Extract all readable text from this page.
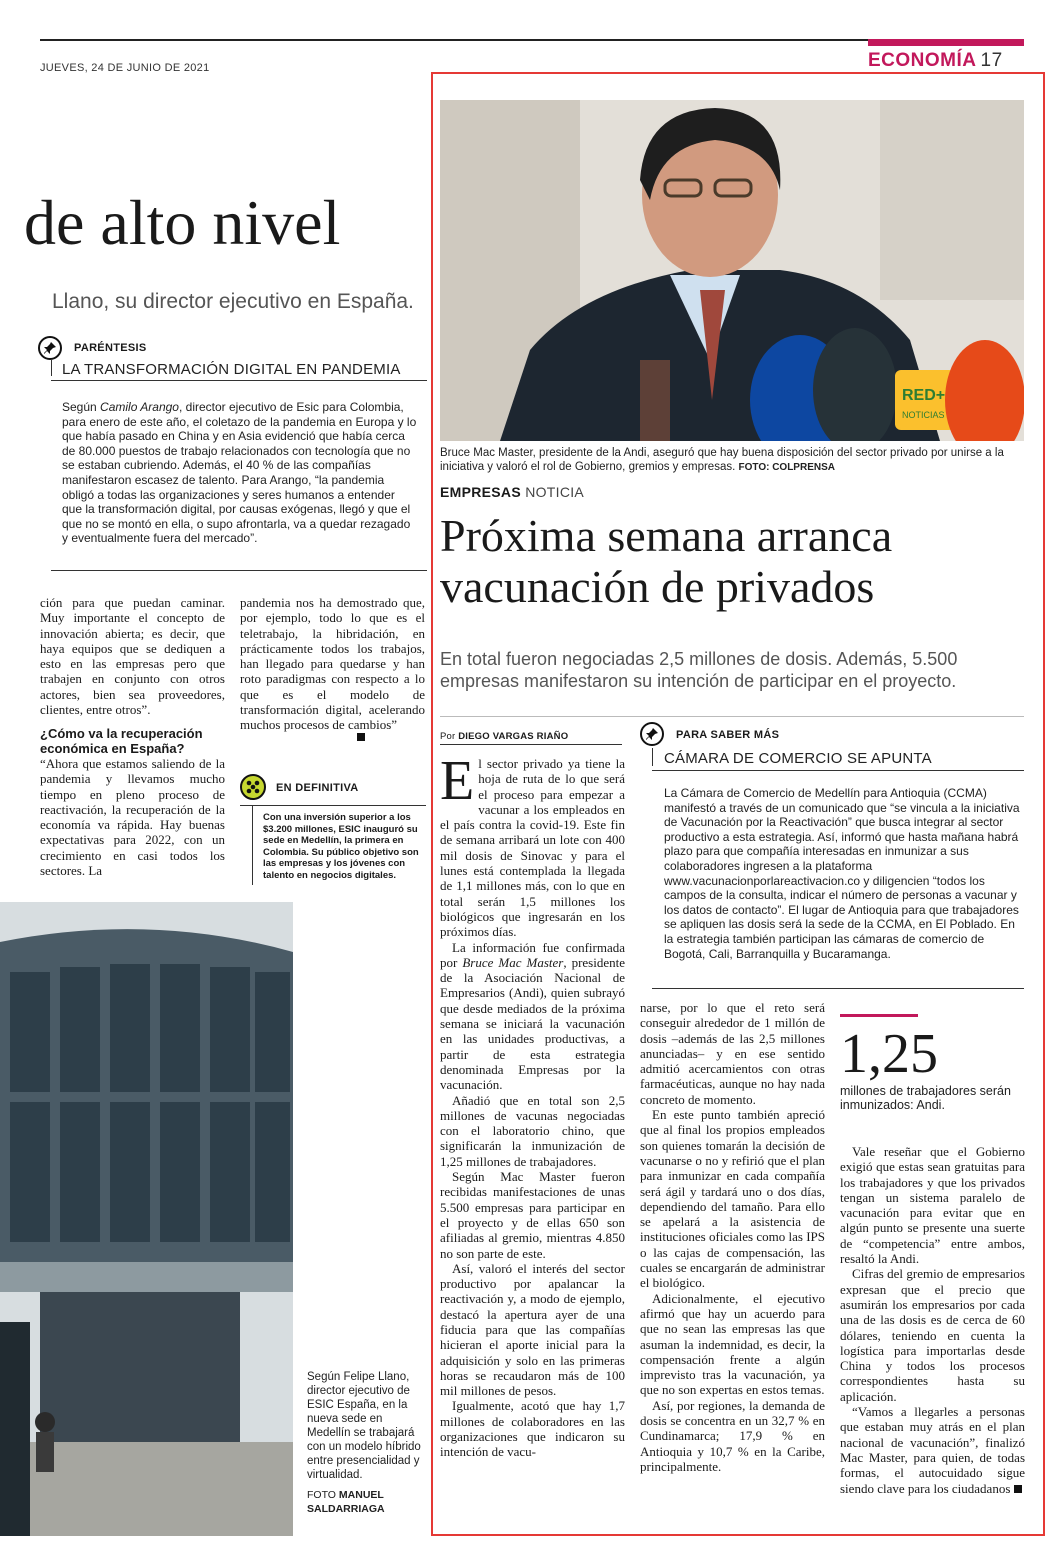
JUEVES, 24 DE JUNIO DE 2021	ECONOMÍA 17
de alto nivel
Llano, su director ejecutivo en España.
PARÉNTESIS
LA TRANSFORMACIÓN DIGITAL EN PANDEMIA
Según Camilo Arango, director ejecutivo de Esic para Colombia, para enero de este año, el coletazo de la pandemia en Europa y lo que había pasado en China y en Asia evidenció que había cerca de 80.000 puestos de trabajo relacionados con tecnología que no se estaban cubriendo. Además, el 40 % de las compañías manifestaron escasez de talento. Para Arango, “la pandemia obligó a todas las organizaciones y seres humanos a entender que la transformación digital, por causas exógenas, llegó y que el que no se montó en ella, o supo afrontarla, va a quedar rezagado y eventualmente fuera del mercado”.
ción para que puedan caminar. Muy importante el concepto de innovación abierta; es decir, que haya equipos que se dediquen a esto en las empresas pero que trabajen en conjunto con otros actores, bien sea proveedores, clientes, entre otros”.
¿Cómo va la recuperación económica en España?
“Ahora que estamos saliendo de la pandemia y llevamos mucho tiempo en pleno proceso de reactivación, la recuperación de la economía va rápida. Hay buenas expectativas para 2022, con un crecimiento en casi todos los sectores. La
pandemia nos ha demostrado que, por ejemplo, todo lo que es el teletrabajo, la hibridación, en prácticamente todos los trabajos, han llegado para quedarse y han roto paradigmas con respecto a lo que es el modelo de transformación digital, acelerando muchos procesos de cambios”
EN DEFINITIVA
Con una inversión superior a los $3.200 millones, ESIC inauguró su sede en Medellín, la primera en Colombia. Su público objetivo son las empresas y los jóvenes con talento en negocios digitales.
Según Felipe Llano, director ejecutivo de ESIC España, en la nueva sede en Medellín se trabajará con un modelo híbrido entre presencialidad y virtualidad.
FOTO MANUEL SALDARRIAGA
RED+
NOTICIAS
Bruce Mac Master, presidente de la Andi, aseguró que hay buena disposición del sector privado por unirse a la iniciativa y valoró el rol de Gobierno, gremios y empresas. FOTO: COLPRENSA
EMPRESAS NOTICIA
Próxima semana arranca vacunación de privados
En total fueron negociadas 2,5 millones de dosis. Además, 5.500 empresas manifestaron su intención de participar en el proyecto.
Por DIEGO VARGAS RIAÑO
El sector privado ya tiene la hoja de ruta de lo que será el proceso para empezar a vacunar a los empleados en el país contra la covid-19. Este fin de semana arribará un lote con 400 mil dosis de Sinovac y para el lunes está contemplada la llegada de 1,1 millones más, con lo que en total serán 1,5 millones los biológicos que ingresarán en los próximos días.
La información fue confirmada por Bruce Mac Master, presidente de la Asociación Nacional de Empresarios (Andi), quien subrayó que desde mediados de la próxima semana se iniciará la vacunación en las unidades productivas, a partir de esta estrategia denominada Empresas por la vacunación.
Añadió que en total son 2,5 millones de vacunas negociadas con el laboratorio chino, que significarán la inmunización de 1,25 millones de trabajadores.
Según Mac Master fueron recibidas manifestaciones de unas 5.500 empresas para participar en el proyecto y de ellas 650 son afiliadas al gremio, mientras 4.850 no son parte de este.
Así, valoró el interés del sector productivo por apalancar la reactivación y, a modo de ejemplo, destacó la apertura ayer de una fiducia para que las compañías hicieran el aporte inicial para la adquisición y solo en las primeras horas se recaudaron más de 100 mil millones de pesos.
Igualmente, acotó que hay 1,7 millones de colaboradores en las organizaciones que indicaron su intención de vacu-
PARA SABER MÁS
CÁMARA DE COMERCIO SE APUNTA
La Cámara de Comercio de Medellín para Antioquia (CCMA) manifestó a través de un comunicado que “se vincula a la iniciativa de Vacunación por la Reactivación” que busca integrar al sector productivo a esta estrategia. Así, informó que hasta mañana habrá plazo para que compañía interesadas en inmunizar a sus colaboradores ingresen a la plataforma www.vacunacionporlareactivacion.co y diligencien “todos los campos de la consulta, indicar el número de personas a vacunar y los datos de contacto”. El lugar de Antioquia para que trabajadores se apliquen las dosis será la sede de la CCMA, en El Poblado. En la estrategia también participan las cámaras de comercio de Bogotá, Cali, Barranquilla y Bucaramanga.
narse, por lo que el reto será conseguir alrededor de 1 millón de dosis –además de las 2,5 millones anunciadas– y en ese sentido admitió acercamientos con otras farmacéuticas, aunque no hay nada concreto de momento.
En este punto también apreció que al final los propios empleados son quienes tomarán la decisión de vacunarse o no y refirió que el plan para inmunizar en cada compañía será ágil y tardará uno o dos días, dependiendo del tamaño. Para ello se apelará a la asistencia de instituciones oficiales como las IPS o las cajas de compensación, las cuales se encargarán de administrar el biológico.
Adicionalmente, el ejecutivo afirmó que hay un acuerdo para que no sean las empresas las que asuman la indemnidad, es decir, la compensación frente a algún imprevisto tras la vacunación, ya que no son expertas en estos temas.
Así, por regiones, la demanda de dosis se concentra en un 32,7 % en Cundinamarca; 17,9 % en Antioquia y 10,7 % en la Caribe, principalmente.
1,25
millones de trabajadores serán inmunizados: Andi.
Vale reseñar que el Gobierno exigió que estas sean gratuitas para los trabajadores y que los privados tengan un sistema paralelo de vacunación para evitar que en algún punto se presente una suerte de “competencia” entre ambos, resaltó la Andi.
Cifras del gremio de empresarios expresan que el precio que asumirán los empresarios por cada una de las dosis es de cerca de 60 dólares, teniendo en cuenta la logística para importarlas desde China y todos los procesos correspondientes hasta su aplicación.
“Vamos a llegarles a personas que estaban muy atrás en el plan nacional de vacunación”, finalizó Mac Master, para quien, de todas formas, el autocuidado sigue siendo clave para los ciudadanos
